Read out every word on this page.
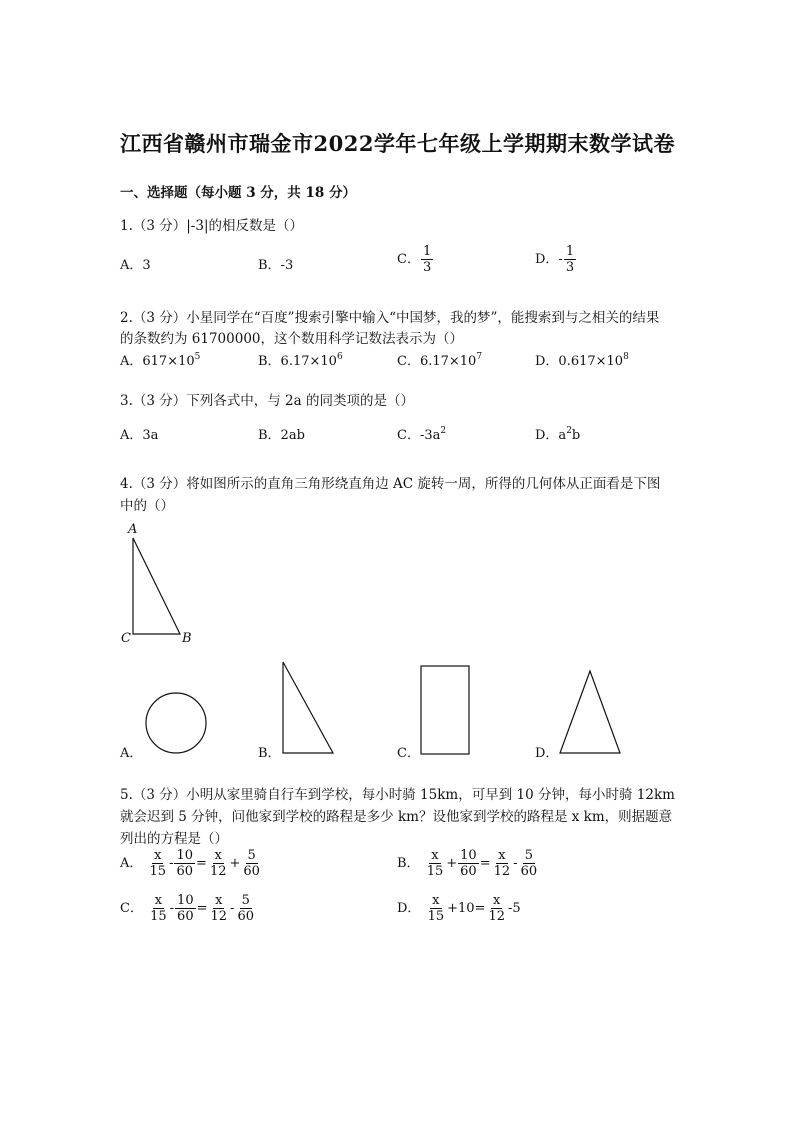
江西省赣州市瑞金市2022学年七年级上学期期末数学试卷
一、选择题（每小题 3 分，共 18 分）
1.（3 分）|-3|的相反数是（）
A．3	B．-3	C． $\frac{1}{3}$	D．- $\frac{1}{3}$
2.（3 分）小星同学在“百度”搜索引擎中输入“中国梦，我的梦”，能搜索到与之相关的结果
的条数约为 61700000，这个数用科学记数法表示为（）
A．$617\times 10^5$	B．$6.17\times 10^6$	C．$6.17\times 10^7$	D．$0.617\times 10^8$
3.（3 分）下列各式中，与 2a 的同类项的是（）
A．3a	B．2ab	C．$-3a^2$	D．$a^2b$
4.（3 分）将如图所示的直角三角形绕直角边 AC 旋转一周，所得的几何体从正面看是下图
中的（）
A
C	B
A．	B．	C．	D．
5.（3 分）小明从家里骑自行车到学校，每小时骑 15km，可早到 10 分钟，每小时骑 12km
就会迟到 5 分钟，问他家到学校的路程是多少 km？设他家到学校的路程是 x km，则据题意
列出的方程是（）
A． $\frac{x}{15} - \frac{10}{60} = \frac{x}{12} + \frac{5}{60}$	B． $\frac{x}{15} + \frac{10}{60} = \frac{x}{12} - \frac{5}{60}$
C． $\frac{x}{15} - \frac{10}{60} = \frac{x}{12} - \frac{5}{60}$	D． $\frac{x}{15} +10= \frac{x}{12} -5$
